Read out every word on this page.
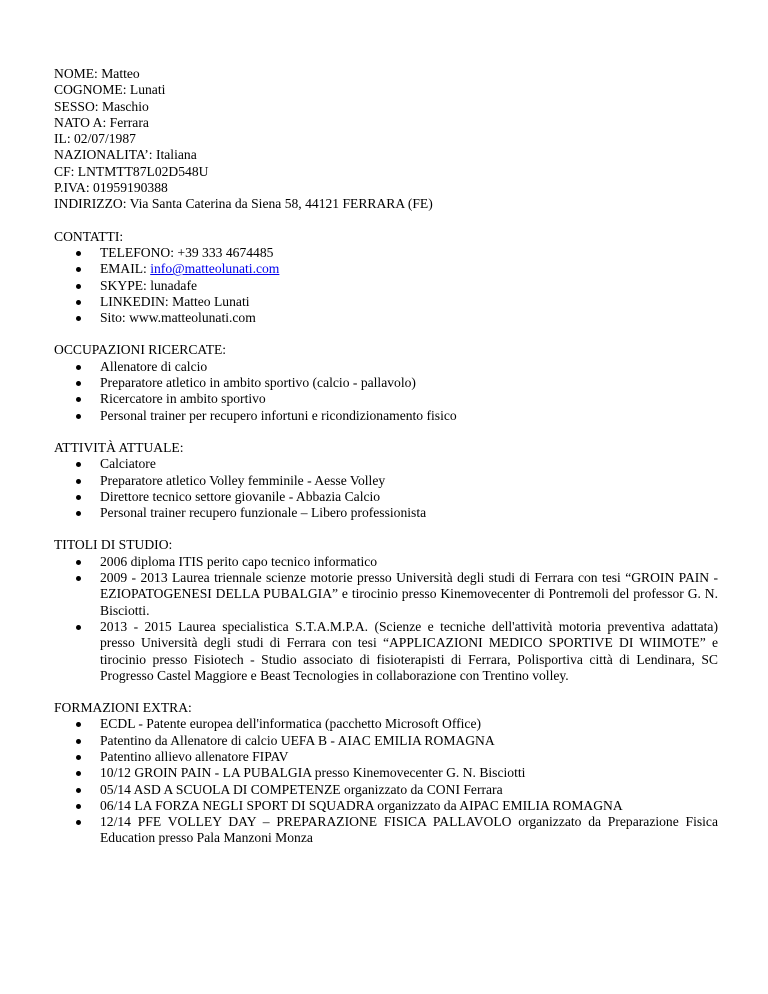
NOME: Matteo

COGNOME: Lunati

SESSO: Maschio

NATO A: Ferrara

IL: 02/07/1987

NAZIONALITA’: Italiana

CF: LNTMTT87L02D548U

P.IVA: 01959190388

INDIRIZZO: Via Santa Caterina da Siena 58, 44121 FERRARA (FE)

CONTATTI:

TELEFONO: +39 333 4674485
EMAIL: info@matteolunati.com
SKYPE: lunadafe
LINKEDIN: Matteo Lunati
Sito: www.matteolunati.com

OCCUPAZIONI RICERCATE:

Allenatore di calcio
Preparatore atletico in ambito sportivo (calcio - pallavolo)
Ricercatore in ambito sportivo
Personal trainer per recupero infortuni e ricondizionamento fisico

ATTIVITÀ ATTUALE:

Calciatore
Preparatore atletico Volley femminile - Aesse Volley
Direttore tecnico settore giovanile - Abbazia Calcio
Personal trainer recupero funzionale – Libero professionista

TITOLI DI STUDIO:

2006 diploma ITIS perito capo tecnico informatico
2009 - 2013 Laurea triennale scienze motorie presso Università degli studi di Ferrara con tesi “GROIN PAIN - EZIOPATOGENESI DELLA PUBALGIA” e tirocinio presso Kinemovecenter di Pontremoli del professor G. N. Bisciotti.
2013 - 2015 Laurea specialistica S.T.A.M.P.A. (Scienze e tecniche dell'attività motoria preventiva adattata) presso Università degli studi di Ferrara con tesi “APPLICAZIONI MEDICO SPORTIVE DI WIIMOTE” e tirocinio presso Fisiotech - Studio associato di fisioterapisti di Ferrara, Polisportiva città di Lendinara, SC Progresso Castel Maggiore e Beast Tecnologies in collaborazione con Trentino volley.

FORMAZIONI EXTRA:

ECDL - Patente europea dell'informatica (pacchetto Microsoft Office)
Patentino da Allenatore di calcio UEFA B - AIAC EMILIA ROMAGNA
Patentino allievo allenatore FIPAV
10/12 GROIN PAIN - LA PUBALGIA presso Kinemovecenter G. N. Bisciotti
05/14 ASD A SCUOLA DI COMPETENZE organizzato da CONI Ferrara
06/14 LA FORZA NEGLI SPORT DI SQUADRA organizzato da AIPAC EMILIA ROMAGNA
12/14 PFE VOLLEY DAY – PREPARAZIONE FISICA PALLAVOLO organizzato da Preparazione Fisica Education presso Pala Manzoni Monza
